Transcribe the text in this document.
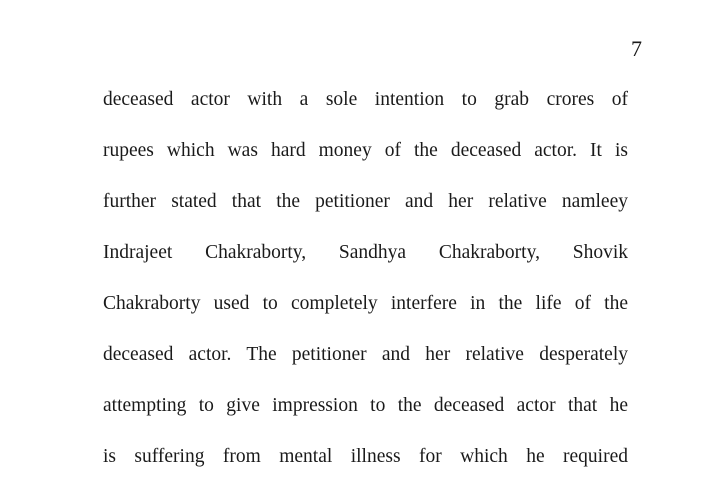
7
deceased actor with a sole intention to grab crores of
rupees which was hard money of the deceased actor. It is
further stated that the petitioner and her relative namleey
Indrajeet Chakraborty, Sandhya Chakraborty, Shovik
Chakraborty used to completely interfere in the life of the
deceased actor. The petitioner and her relative desperately
attempting to give impression to the deceased actor that he
is suffering from mental illness for which he required
